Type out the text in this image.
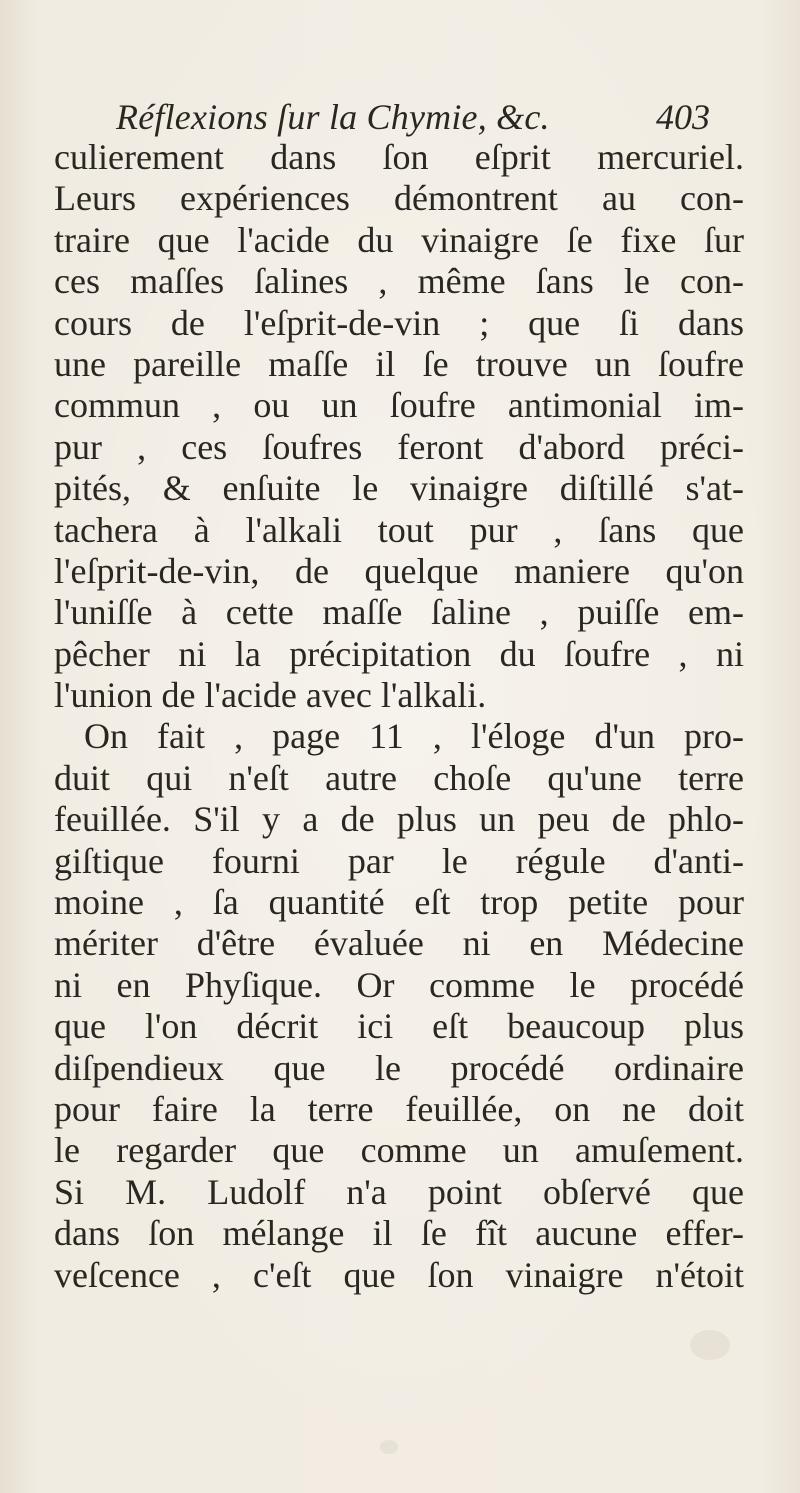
Réflexions ſur la Chymie, &c.	403
culierement dans ſon eſprit mercuriel.
Leurs expériences démontrent au con-
traire que l'acide du vinaigre ſe fixe ſur
ces maſſes ſalines , même ſans le con-
cours de l'eſprit-de-vin ; que ſi dans
une pareille maſſe il ſe trouve un ſoufre
commun , ou un ſoufre antimonial im-
pur , ces ſoufres feront d'abord préci-
pités, & enſuite le vinaigre diſtillé s'at-
tachera à l'alkali tout pur , ſans que
l'eſprit-de-vin, de quelque maniere qu'on
l'uniſſe à cette maſſe ſaline , puiſſe em-
pêcher ni la précipitation du ſoufre , ni
l'union de l'acide avec l'alkali.
On fait , page 11 , l'éloge d'un pro-
duit qui n'eſt autre choſe qu'une terre
feuillée. S'il y a de plus un peu de phlo-
giſtique fourni par le régule d'anti-
moine , ſa quantité eſt trop petite pour
mériter d'être évaluée ni en Médecine
ni en Phyſique. Or comme le procédé
que l'on décrit ici eſt beaucoup plus
diſpendieux que le procédé ordinaire
pour faire la terre feuillée, on ne doit
le regarder que comme un amuſement.
Si M. Ludolf n'a point obſervé que
dans ſon mélange il ſe fît aucune effer-
veſcence , c'eſt que ſon vinaigre n'étoit
